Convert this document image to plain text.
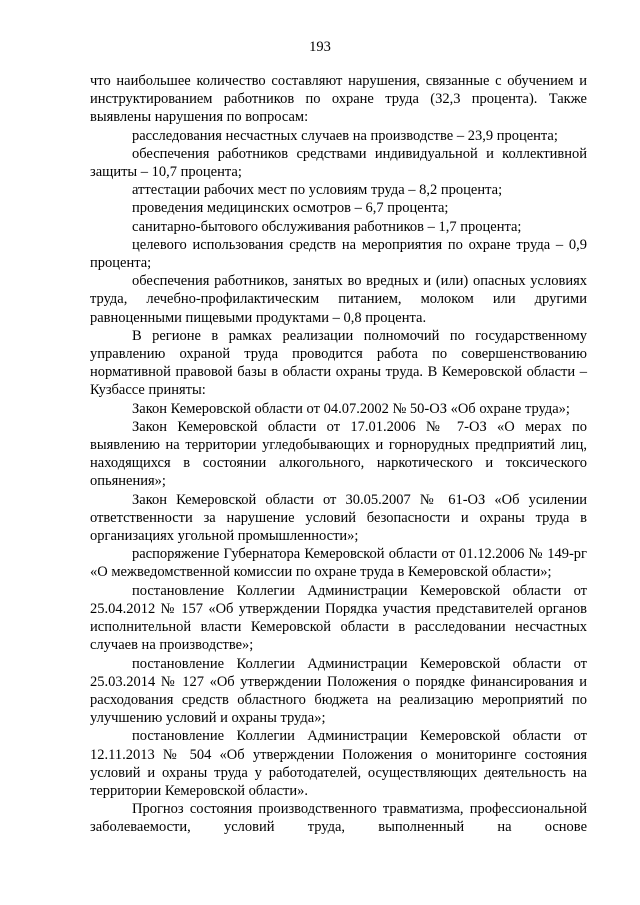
193

что наибольшее количество составляют нарушения, связанные с обучением и инструктированием работников по охране труда (32,3 процента). Также выявлены нарушения по вопросам:

расследования несчастных случаев на производстве – 23,9 процента;

обеспечения работников средствами индивидуальной и коллективной защиты – 10,7 процента;

аттестации рабочих мест по условиям труда – 8,2 процента;

проведения медицинских осмотров – 6,7 процента;

санитарно-бытового обслуживания работников – 1,7 процента;

целевого использования средств на мероприятия по охране труда – 0,9 процента;

обеспечения работников, занятых во вредных и (или) опасных условиях труда, лечебно-профилактическим питанием, молоком или другими равноценными пищевыми продуктами – 0,8 процента.

В регионе в рамках реализации полномочий по государственному управлению охраной труда проводится работа по совершенствованию нормативной правовой базы в области охраны труда. В Кемеровской области – Кузбассе приняты:

Закон Кемеровской области от 04.07.2002 № 50-ОЗ «Об охране труда»;

Закон Кемеровской области от 17.01.2006 № 7-ОЗ «О мерах по выявлению на территории угледобывающих и горнорудных предприятий лиц, находящихся в состоянии алкогольного, наркотического и токсического опьянения»;

Закон Кемеровской области от 30.05.2007 № 61-ОЗ «Об усилении ответственности за нарушение условий безопасности и охраны труда в организациях угольной промышленности»;

распоряжение Губернатора Кемеровской области от 01.12.2006 № 149-рг «О межведомственной комиссии по охране труда в Кемеровской области»;

постановление Коллегии Администрации Кемеровской области от 25.04.2012 № 157 «Об утверждении Порядка участия представителей органов исполнительной власти Кемеровской области в расследовании несчастных случаев на производстве»;

постановление Коллегии Администрации Кемеровской области от 25.03.2014 № 127 «Об утверждении Положения о порядке финансирования и расходования средств областного бюджета на реализацию мероприятий по улучшению условий и охраны труда»;

постановление Коллегии Администрации Кемеровской области от 12.11.2013 № 504 «Об утверждении Положения о мониторинге состояния условий и охраны труда у работодателей, осуществляющих деятельность на территории Кемеровской области».

Прогноз состояния производственного травматизма, профессиональной заболеваемости, условий труда, выполненный на основе
